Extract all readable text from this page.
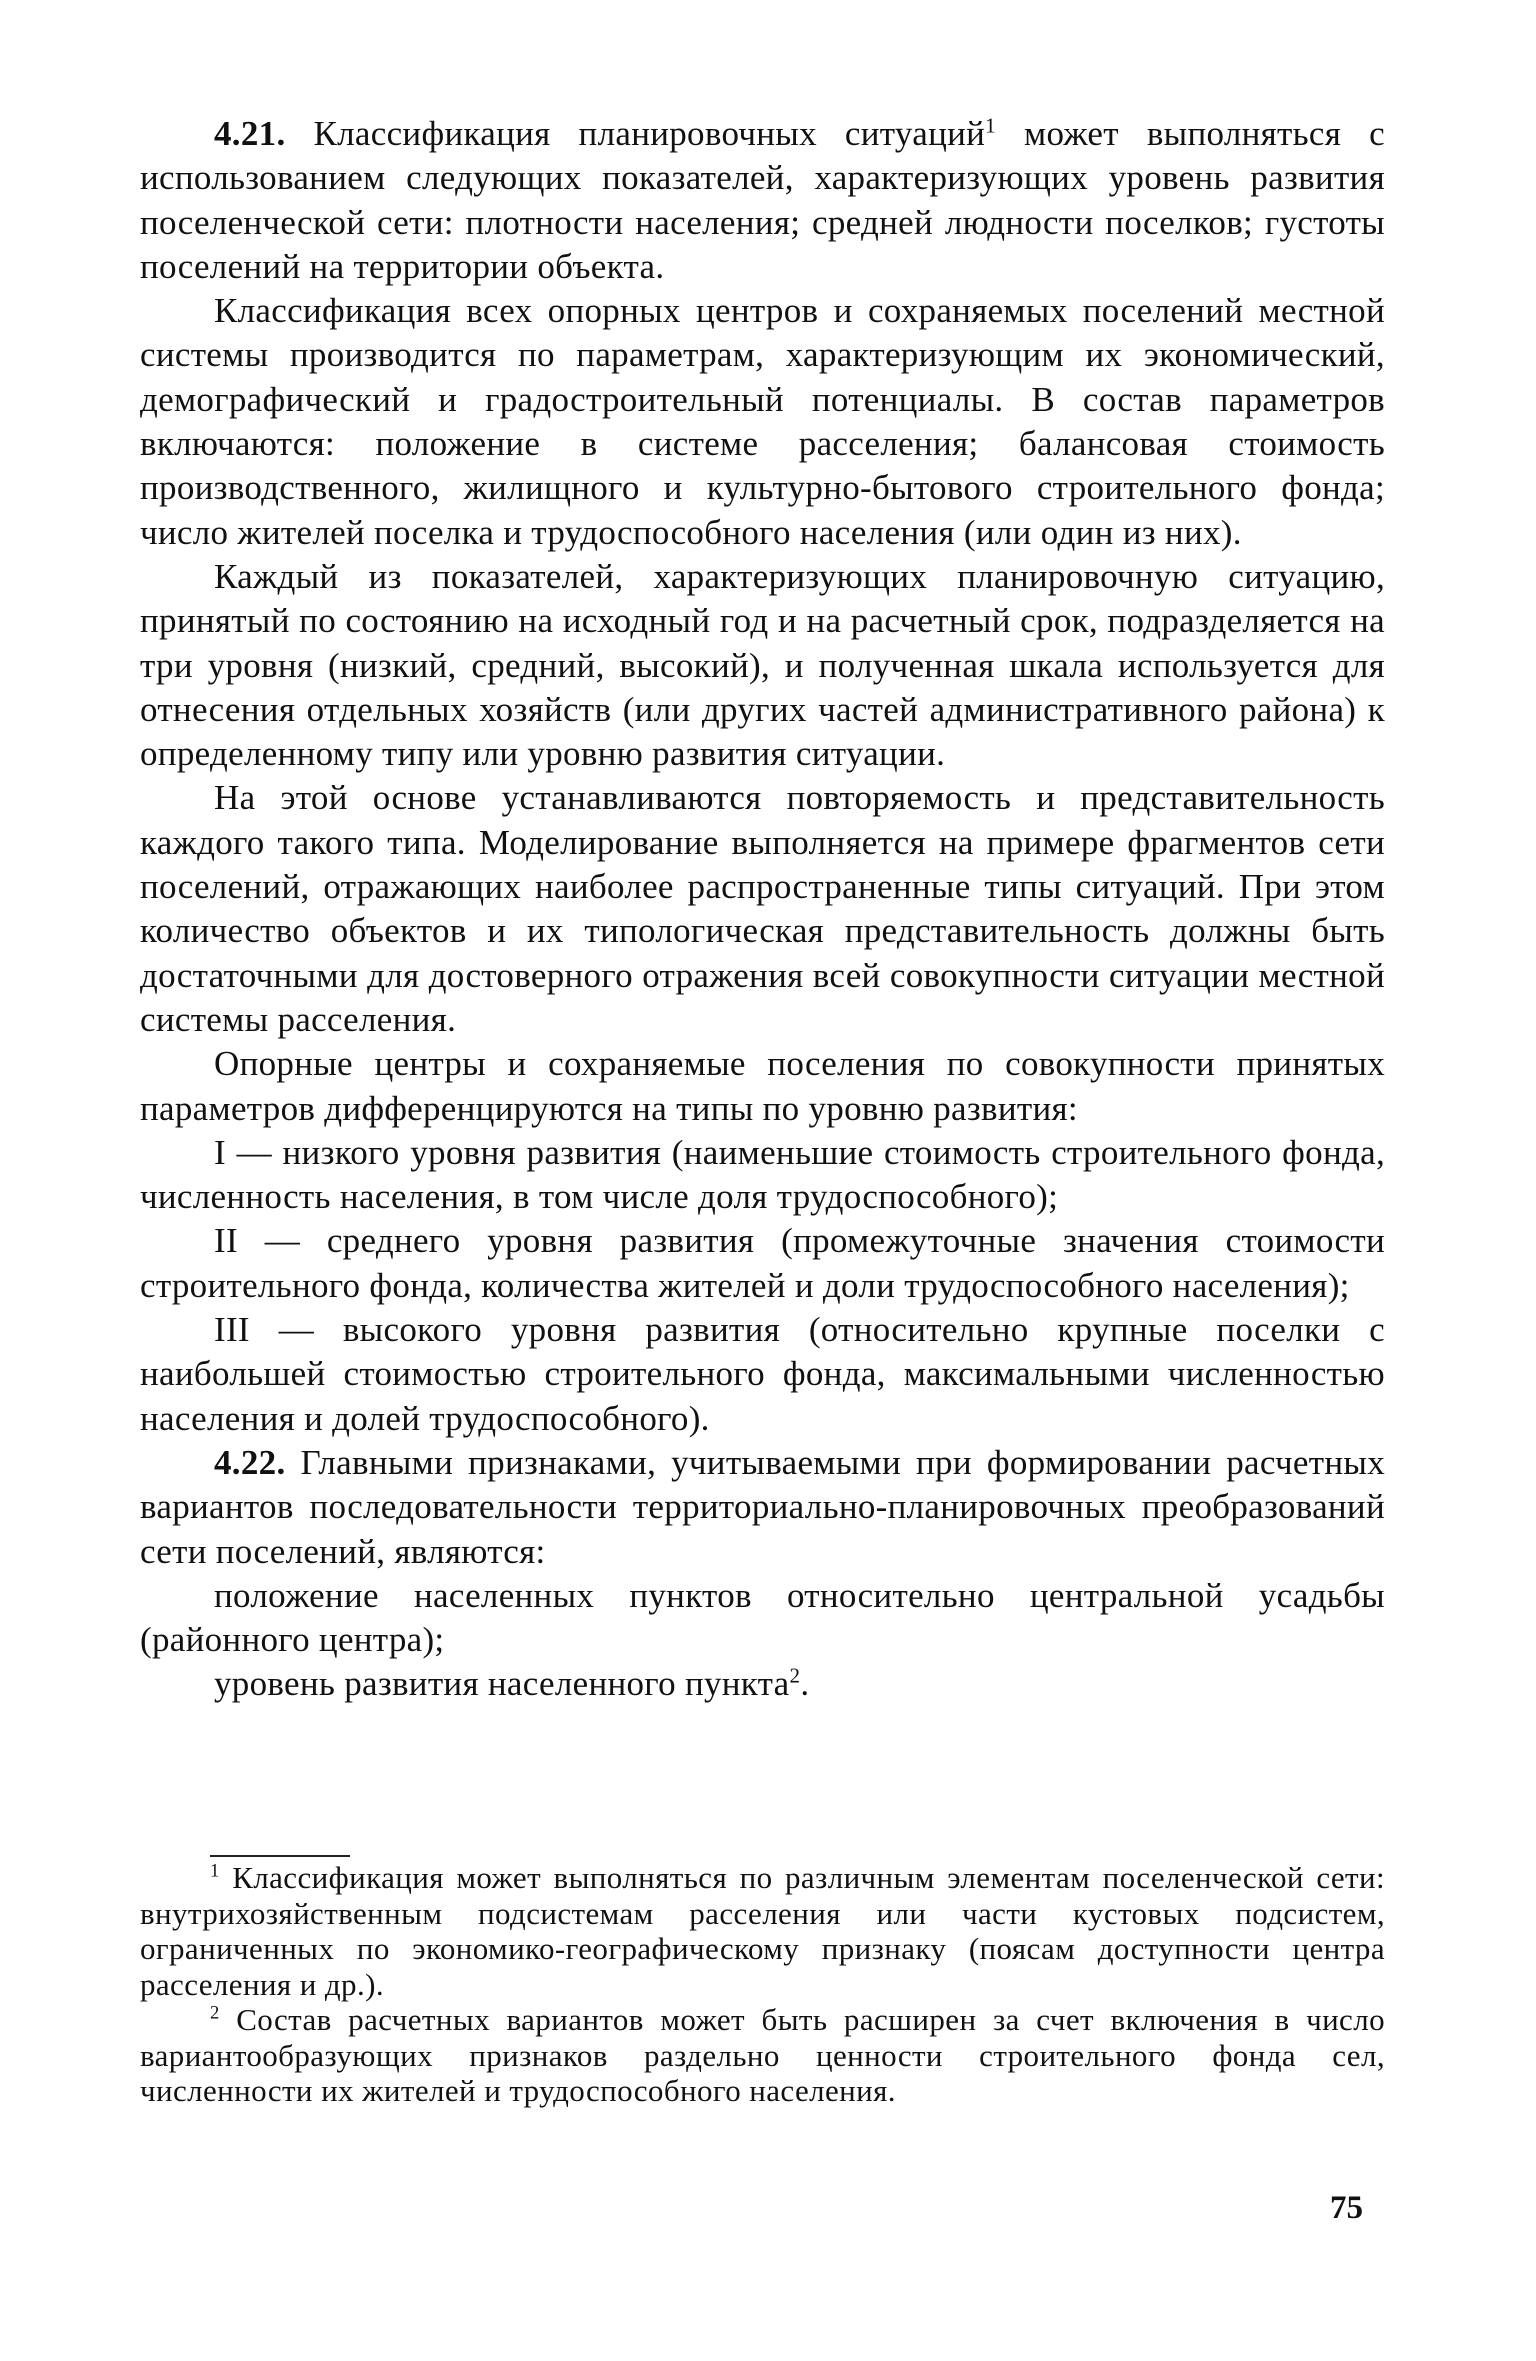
4.21. Классификация планировочных ситуаций$^1$ может выполняться с использованием следующих показателей, характеризующих уровень развития поселенческой сети: плотности населения; средней людности поселков; густоты поселений на территории объекта.

Классификация всех опорных центров и сохраняемых поселений местной системы производится по параметрам, характеризующим их экономический, демографический и градостроительный потенциалы. В состав параметров включаются: положение в системе расселения; балансовая стоимость производственного, жилищного и культурно-бытового строительного фонда; число жителей поселка и трудоспособного населения (или один из них).

Каждый из показателей, характеризующих планировочную ситуацию, принятый по состоянию на исходный год и на расчетный срок, подразделяется на три уровня (низкий, средний, высокий), и полученная шкала используется для отнесения отдельных хозяйств (или других частей административного района) к определенному типу или уровню развития ситуации.

На этой основе устанавливаются повторяемость и представительность каждого такого типа. Моделирование выполняется на примере фрагментов сети поселений, отражающих наиболее распространенные типы ситуаций. При этом количество объектов и их типологическая представительность должны быть достаточными для достоверного отражения всей совокупности ситуации местной системы расселения.

Опорные центры и сохраняемые поселения по совокупности принятых параметров дифференцируются на типы по уровню развития:

I — низкого уровня развития (наименьшие стоимость строительного фонда, численность населения, в том числе доля трудоспособного);

II — среднего уровня развития (промежуточные значения стоимости строительного фонда, количества жителей и доли трудоспособного населения);

III — высокого уровня развития (относительно крупные поселки с наибольшей стоимостью строительного фонда, максимальными численностью населения и долей трудоспособного).

4.22. Главными признаками, учитываемыми при формировании расчетных вариантов последовательности территориально-планировочных преобразований сети поселений, являются:

положение населенных пунктов относительно центральной усадьбы (районного центра);

уровень развития населенного пункта$^2$.

$^1$ Классификация может выполняться по различным элементам поселенческой сети: внутрихозяйственным подсистемам расселения или части кустовых подсистем, ограниченных по экономико-географическому признаку (поясам доступности центра расселения и др.).

$^2$ Состав расчетных вариантов может быть расширен за счет включения в число вариантообразующих признаков раздельно ценности строительного фонда сел, численности их жителей и трудоспособного населения.

75
